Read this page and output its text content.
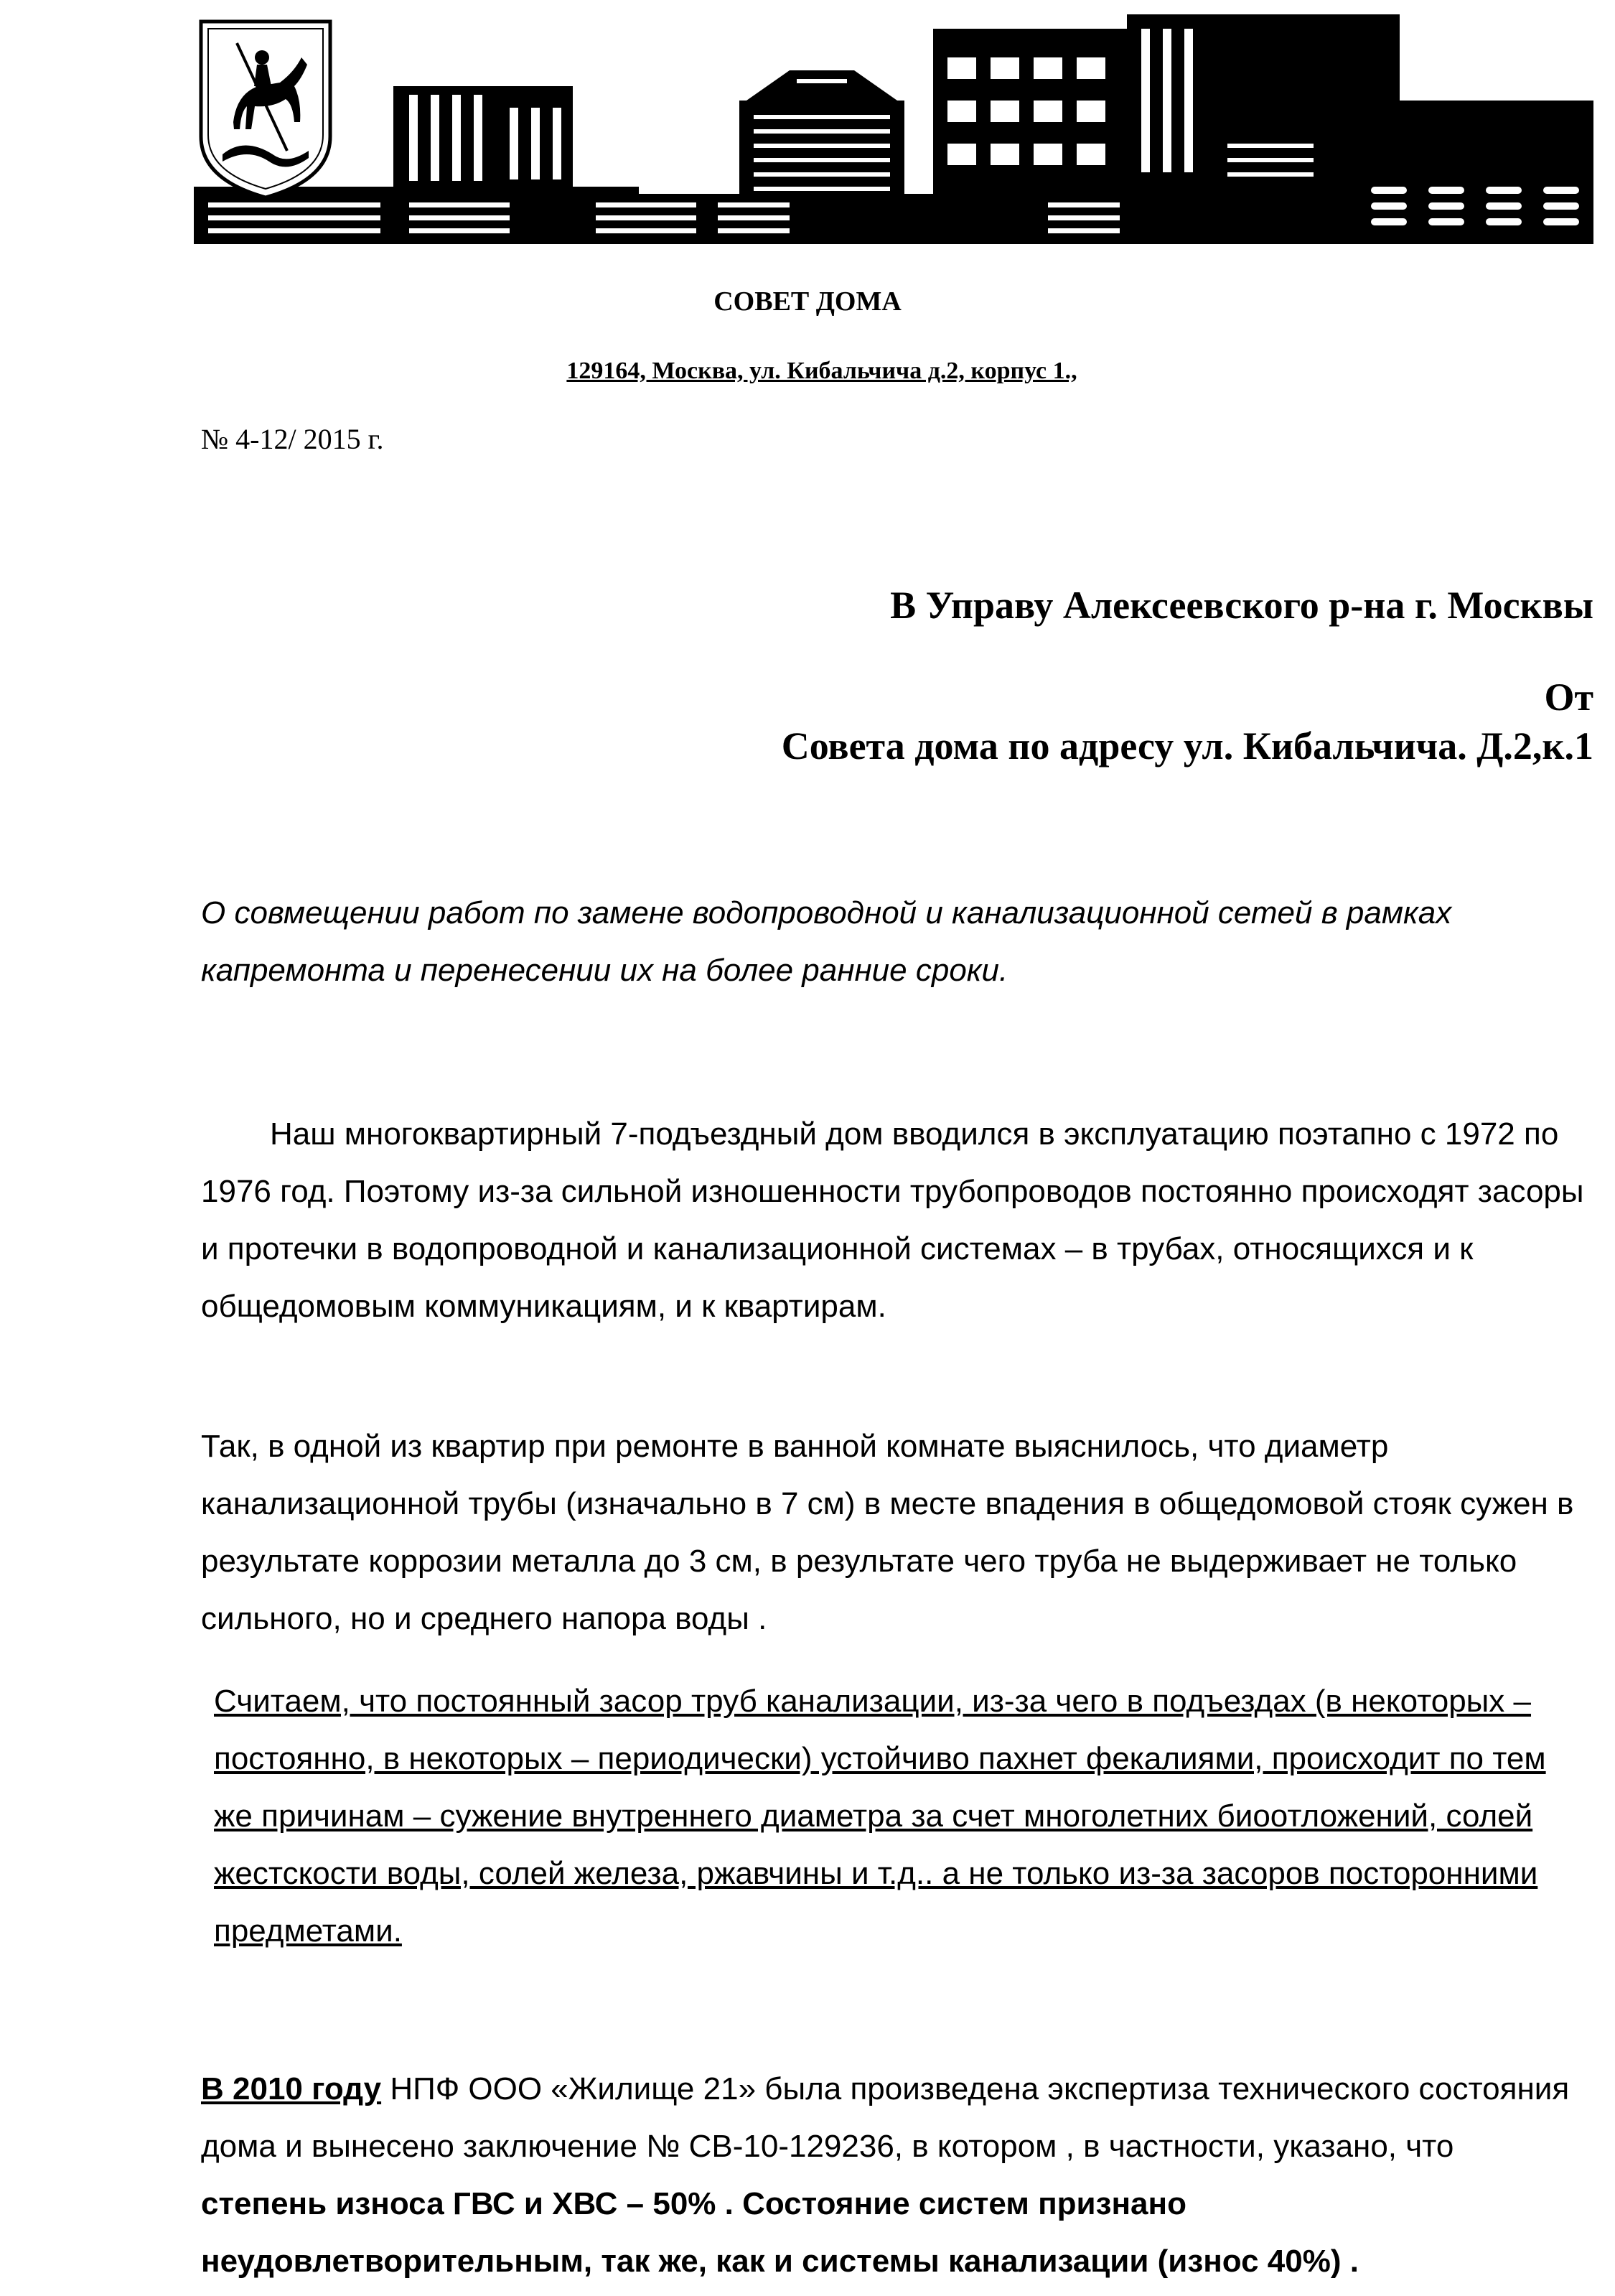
СОВЕТ ДОМА
129164, Москва, ул. Кибальчича д.2, корпус 1.,
№ 4-12/ 2015 г.
В Управу Алексеевского р-на г. Москвы
От
Совета дома по адресу ул. Кибальчича. Д.2,к.1
О совмещении работ по замене водопроводной и канализационной сетей в рамках капремонта и перенесении их на более ранние сроки.
Наш многоквартирный 7-подъездный дом вводился в эксплуатацию поэтапно с 1972 по 1976 год. Поэтому из-за сильной изношенности трубопроводов постоянно происходят засоры и протечки в водопроводной и канализационной системах – в трубах, относящихся и к общедомовым коммуникациям, и к квартирам.
Так, в одной из квартир при ремонте в ванной комнате выяснилось, что диаметр канализационной трубы (изначально в 7 см) в месте впадения в общедомовой стояк сужен в результате коррозии металла до 3 см, в результате чего труба не выдерживает не только сильного, но и среднего напора воды .
Считаем, что постоянный засор труб канализации, из-за чего в подъездах (в некоторых – постоянно, в некоторых – периодически) устойчиво пахнет фекалиями, происходит по тем же причинам – сужение внутреннего диаметра за счет многолетних биоотложений, солей жестскости воды, солей железа, ржавчины и т.д.. а не только из-за засоров посторонними предметами.
В 2010 году НПФ ООО «Жилище 21» была произведена экспертиза технического состояния дома и вынесено заключение № СВ-10-129236, в котором , в частности, указано, что степень износа ГВС и ХВС – 50% . Состояние систем признано неудовлетворительным, так же, как и системы канализации (износ 40%) .
